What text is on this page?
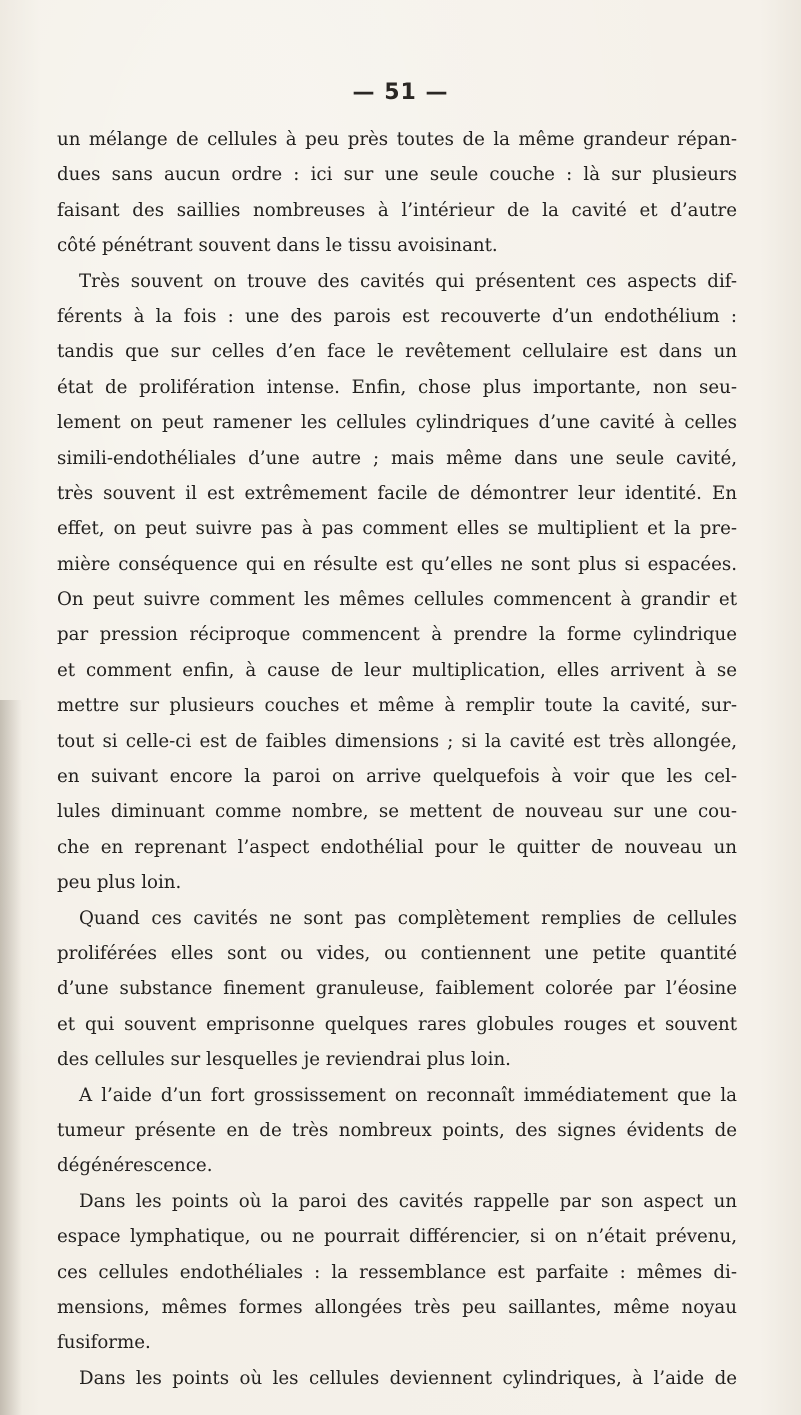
— 51 —
un mélange de cellules à peu près toutes de la même grandeur répan-
dues sans aucun ordre : ici sur une seule couche : là sur plusieurs
faisant des saillies nombreuses à l’intérieur de la cavité et d’autre
côté pénétrant souvent dans le tissu avoisinant.
Très souvent on trouve des cavités qui présentent ces aspects dif-
férents à la fois : une des parois est recouverte d’un endothélium :
tandis que sur celles d’en face le revêtement cellulaire est dans un
état de prolifération intense. Enfin, chose plus importante, non seu-
lement on peut ramener les cellules cylindriques d’une cavité à celles
simili-endothéliales d’une autre ; mais même dans une seule cavité,
très souvent il est extrêmement facile de démontrer leur identité. En
effet, on peut suivre pas à pas comment elles se multiplient et la pre-
mière conséquence qui en résulte est qu’elles ne sont plus si espacées.
On peut suivre comment les mêmes cellules commencent à grandir et
par pression réciproque commencent à prendre la forme cylindrique
et comment enfin, à cause de leur multiplication, elles arrivent à se
mettre sur plusieurs couches et même à remplir toute la cavité, sur-
tout si celle-ci est de faibles dimensions ; si la cavité est très allongée,
en suivant encore la paroi on arrive quelquefois à voir que les cel-
lules diminuant comme nombre, se mettent de nouveau sur une cou-
che en reprenant l’aspect endothélial pour le quitter de nouveau un
peu plus loin.
Quand ces cavités ne sont pas complètement remplies de cellules
proliférées elles sont ou vides, ou contiennent une petite quantité
d’une substance finement granuleuse, faiblement colorée par l’éosine
et qui souvent emprisonne quelques rares globules rouges et souvent
des cellules sur lesquelles je reviendrai plus loin.
A l’aide d’un fort grossissement on reconnaît immédiatement que la
tumeur présente en de très nombreux points, des signes évidents de
dégénérescence.
Dans les points où la paroi des cavités rappelle par son aspect un
espace lymphatique, ou ne pourrait différencier, si on n’était prévenu,
ces cellules endothéliales : la ressemblance est parfaite : mêmes di-
mensions, mêmes formes allongées très peu saillantes, même noyau
fusiforme.
Dans les points où les cellules deviennent cylindriques, à l’aide de
